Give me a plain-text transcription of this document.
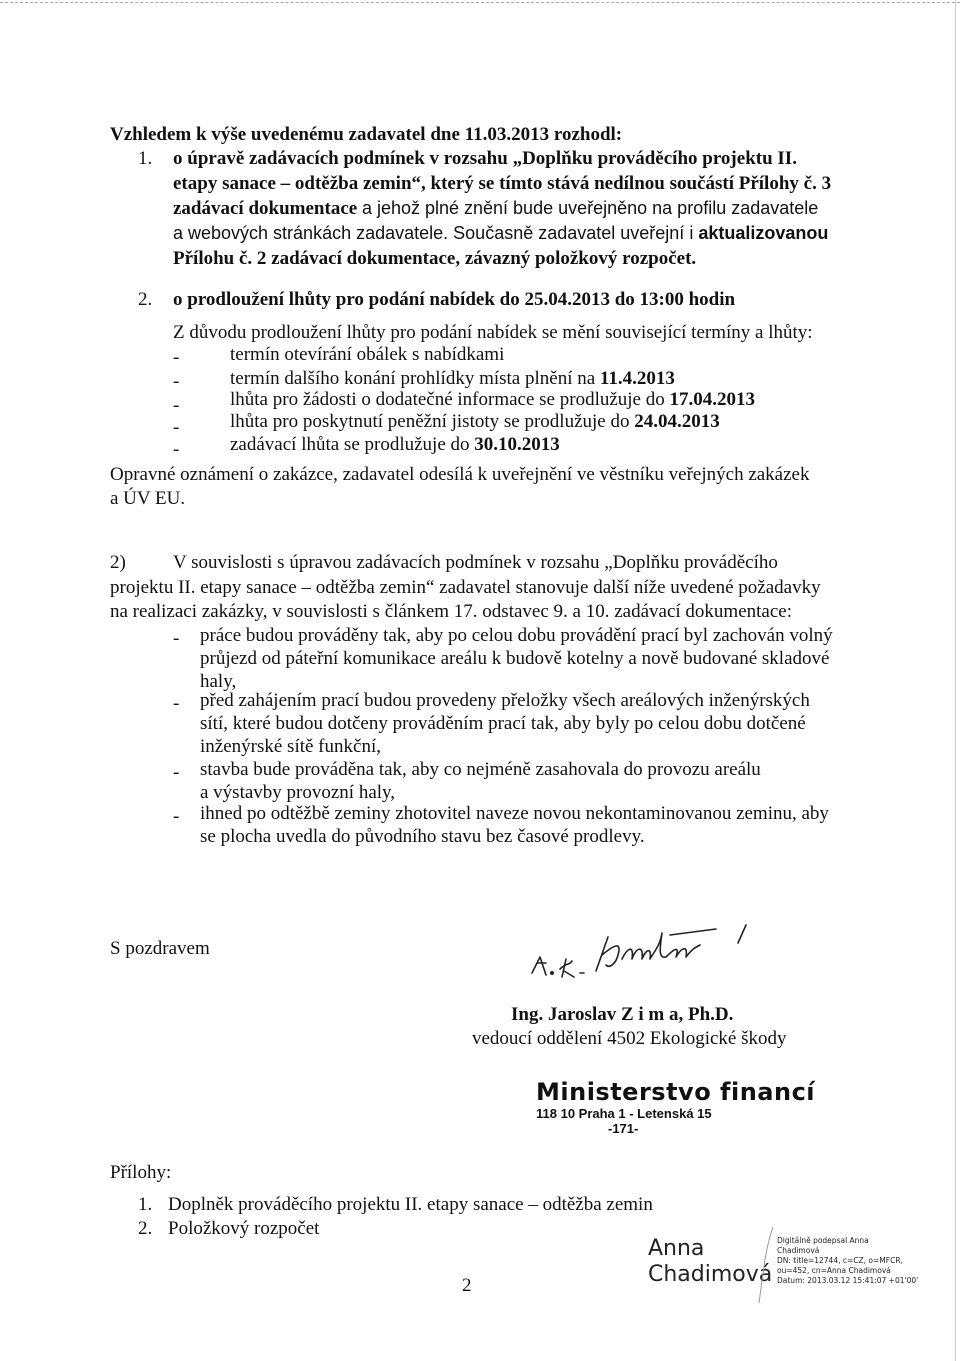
Vzhledem k výše uvedenému zadavatel dne 11.03.2013 rozhodl:
1. o úpravě zadávacích podmínek v rozsahu „Doplňku prováděcího projektu II.
etapy sanace – odtěžba zemin“, který se tímto stává nedílnou součástí Přílohy č. 3
zadávací dokumentace a jehož plné znění bude uveřejněno na profilu zadavatele
a webových stránkách zadavatele. Současně zadavatel uveřejní i aktualizovanou
Přílohu č. 2 zadávací dokumentace, závazný položkový rozpočet.
2. o prodloužení lhůty pro podání nabídek do 25.04.2013 do 13:00 hodin
Z důvodu prodloužení lhůty pro podání nabídek se mění související termíny a lhůty:
-	termín otevírání obálek s nabídkami
-	termín dalšího konání prohlídky místa plnění na 11.4.2013
-	lhůta pro žádosti o dodatečné informace se prodlužuje do 17.04.2013
-	lhůta pro poskytnutí peněžní jistoty se prodlužuje do 24.04.2013
-	zadávací lhůta se prodlužuje do 30.10.2013
Opravné oznámení o zakázce, zadavatel odesílá k uveřejnění ve věstníku veřejných zakázek
a ÚV EU.
2) V souvislosti s úpravou zadávacích podmínek v rozsahu „Doplňku prováděcího
projektu II. etapy sanace – odtěžba zemin“ zadavatel stanovuje další níže uvedené požadavky
na realizaci zakázky, v souvislosti s článkem 17. odstavec 9. a 10. zadávací dokumentace:
- práce budou prováděny tak, aby po celou dobu provádění prací byl zachován volný
průjezd od páteřní komunikace areálu k budově kotelny a nově budované skladové
haly,
- před zahájením prací budou provedeny přeložky všech areálových inženýrských
sítí, které budou dotčeny prováděním prací tak, aby byly po celou dobu dotčené
inženýrské sítě funkční,
- stavba bude prováděna tak, aby co nejméně zasahovala do provozu areálu
a výstavby provozní haly,
- ihned po odtěžbě zeminy zhotovitel naveze novou nekontaminovanou zeminu, aby
se plocha uvedla do původního stavu bez časové prodlevy.
S pozdravem
Ing. Jaroslav Z i m a, Ph.D.
vedoucí oddělení 4502 Ekologické škody
Ministerstvo financí
118 10 Praha 1 - Letenská 15
-171-
Přílohy:
1. Doplněk prováděcího projektu II. etapy sanace – odtěžba zemin
2. Položkový rozpočet
2
Anna
Chadimová
Digitálně podepsal Anna
Chadimová
DN: title=12744, c=CZ, o=MFCR,
ou=452, cn=Anna Chadimová
Datum: 2013.03.12 15:41:07 +01'00'
